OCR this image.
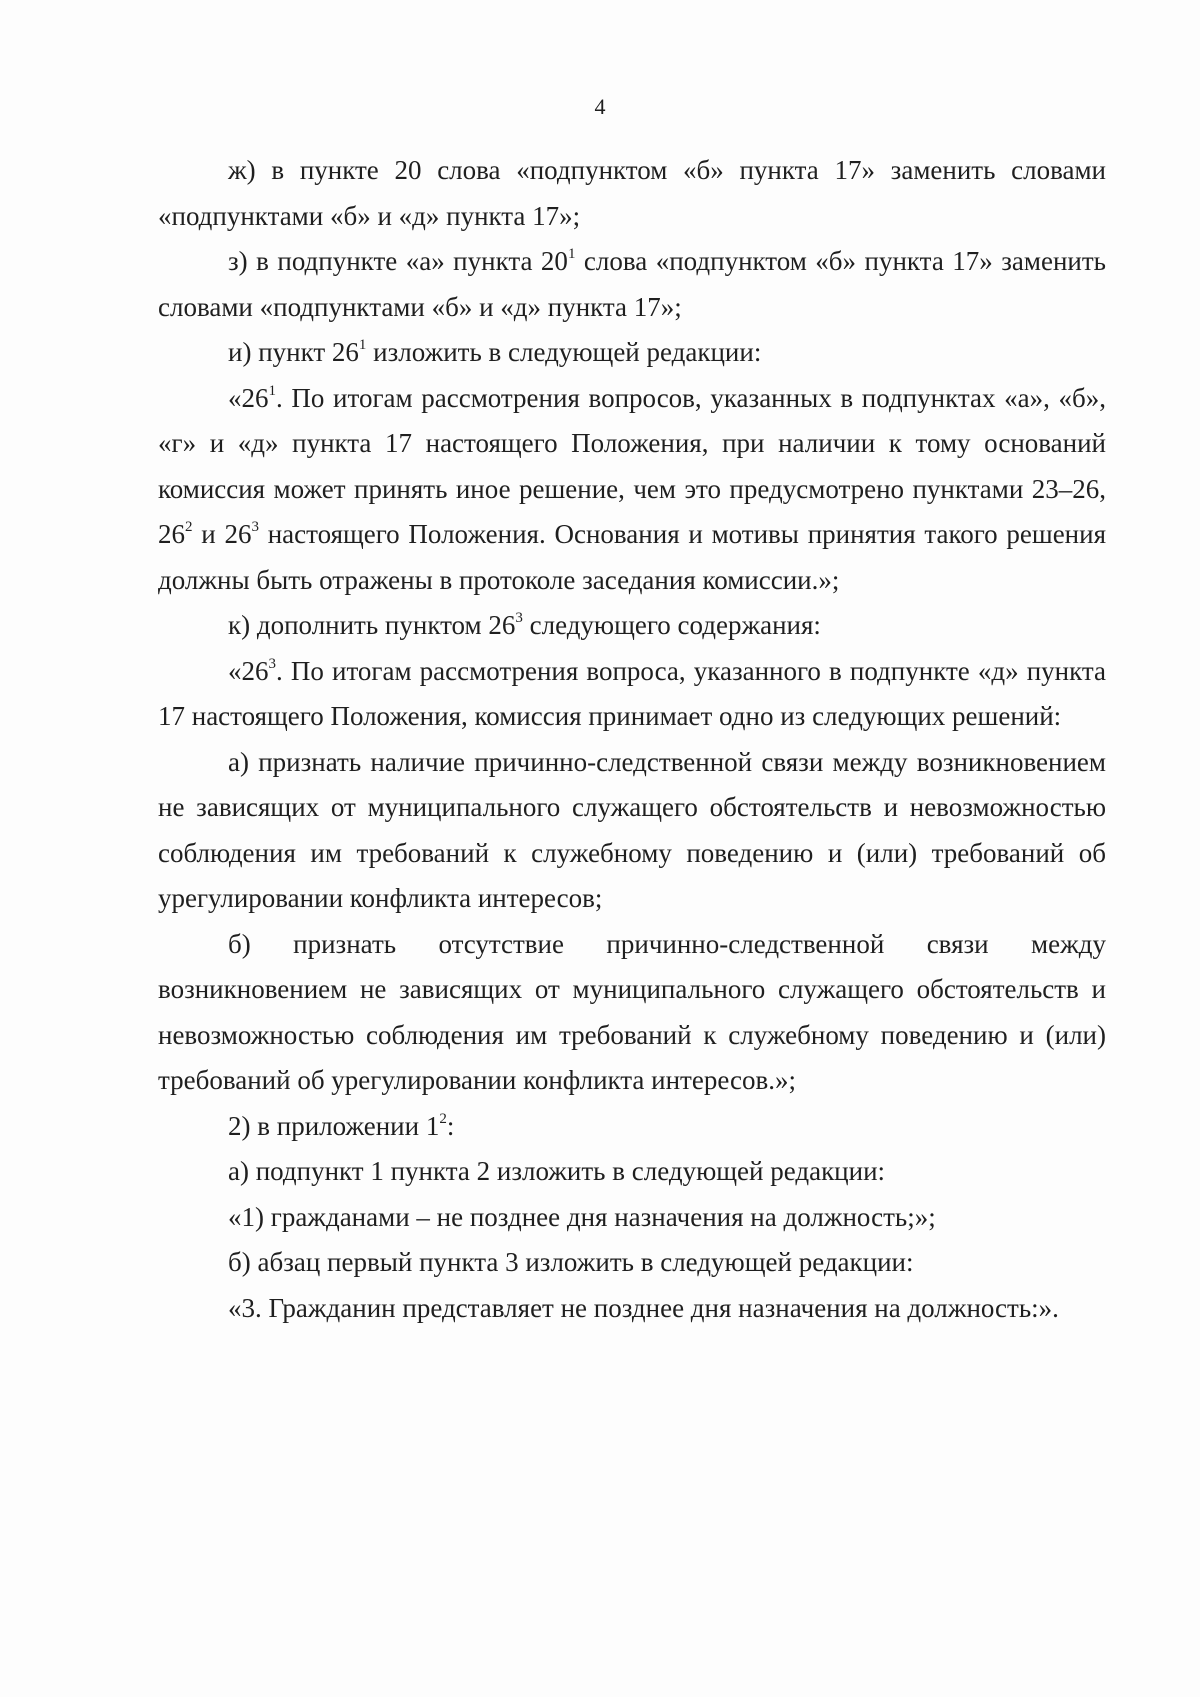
4

ж) в пункте 20 слова «подпунктом «б» пункта 17» заменить словами «подпунктами «б» и «д» пункта 17»;

з) в подпункте «а» пункта $20^1$ слова «подпунктом «б» пункта 17» заменить словами «подпунктами «б» и «д» пункта 17»;

и) пункт $26^1$ изложить в следующей редакции:

«$26^1$. По итогам рассмотрения вопросов, указанных в подпунктах «а», «б», «г» и «д» пункта 17 настоящего Положения, при наличии к тому оснований комиссия может принять иное решение, чем это предусмотрено пунктами 23–26, $26^2$ и $26^3$ настоящего Положения. Основания и мотивы принятия такого решения должны быть отражены в протоколе заседания комиссии.»;

к) дополнить пунктом $26^3$ следующего содержания:

«$26^3$. По итогам рассмотрения вопроса, указанного в подпункте «д» пункта 17 настоящего Положения, комиссия принимает одно из следующих решений:

а) признать наличие причинно-следственной связи между возникновением не зависящих от муниципального служащего обстоятельств и невозможностью соблюдения им требований к служебному поведению и (или) требований об урегулировании конфликта интересов;

б) признать отсутствие причинно-следственной связи между возникновением не зависящих от муниципального служащего обстоятельств и невозможностью соблюдения им требований к служебному поведению и (или) требований об урегулировании конфликта интересов.»;

2) в приложении $1^2$:

а) подпункт 1 пункта 2 изложить в следующей редакции:

«1) гражданами – не позднее дня назначения на должность;»;

б) абзац первый пункта 3 изложить в следующей редакции:

«3. Гражданин представляет не позднее дня назначения на должность:».
